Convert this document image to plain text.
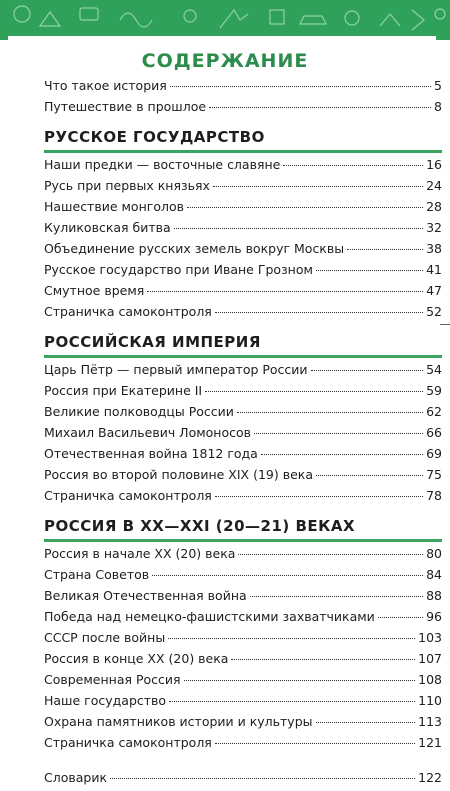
СОДЕРЖАНИЕ
Что такое история	5
Путешествие в прошлое	8
РУССКОЕ ГОСУДАРСТВО
Наши предки — восточные славяне	16
Русь при первых князьях	24
Нашествие монголов	28
Куликовская битва	32
Объединение русских земель вокруг Москвы	38
Русское государство при Иване Грозном	41
Смутное время	47
Страничка самоконтроля	52
РОССИЙСКАЯ ИМПЕРИЯ
Царь Пётр — первый император России	54
Россия при Екатерине II	59
Великие полководцы России	62
Михаил Васильевич Ломоносов	66
Отечественная война 1812 года	69
Россия во второй половине XIX (19) века	75
Страничка самоконтроля	78
РОССИЯ В XX—XXI (20—21) ВЕКАХ
Россия в начале XX (20) века	80
Страна Советов	84
Великая Отечественная война	88
Победа над немецко-фашистскими захватчиками	96
СССР после войны	103
Россия в конце XX (20) века	107
Современная Россия	108
Наше государство	110
Охрана памятников истории и культуры	113
Страничка самоконтроля	121
Словарик	122
